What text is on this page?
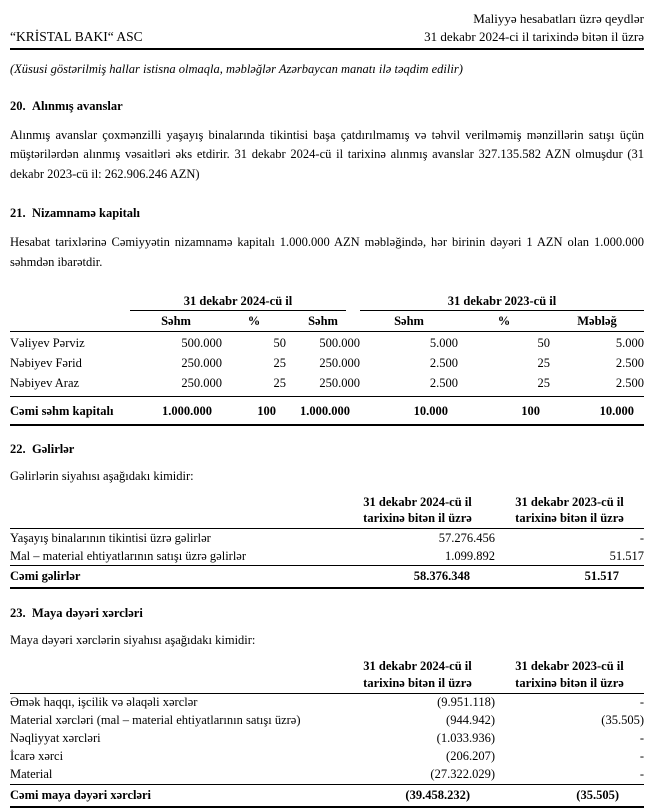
“KRİSTAL BAKI“ ASC
Maliyyə hesabatları üzrə qeydlər
31 dekabr 2024-ci il tarixində bitən il üzrə
(Xüsusi göstərilmiş hallar istisna olmaqla, məbləğlər Azərbaycan manatı ilə təqdim edilir)
20. Alınmış avanslar
Alınmış avanslar çoxmənzilli yaşayış binalarında tikintisi başa çatdırılmamış və təhvil verilməmiş mənzillərin satışı üçün müştərilərdən alınmış vəsaitləri əks etdirir. 31 dekabr 2024-cü il tarixinə alınmış avanslar 327.135.582 AZN olmuşdur (31 dekabr 2023-cü il: 262.906.246 AZN)
21. Nizamnamə kapitalı
Hesabat tarixlərinə Cəmiyyətin nizamnamə kapitalı 1.000.000 AZN məbləğində, hər birinin dəyəri 1 AZN olan 1.000.000 səhmdən ibarətdir.

	31 dekabr 2024-cü il			31 dekabr 2023-cü il		

	Səhm	%	Səhm	Səhm	%	Məbləğ
Vəliyev Pərviz	500.000	50	500.000	5.000	50	5.000
Nəbiyev Fərid	250.000	25	250.000	2.500	25	2.500
Nəbiyev Araz	250.000	25	250.000	2.500	25	2.500
Cəmi səhm kapitalı	1.000.000	100	1.000.000	10.000	100	10.000
22. Gəlirlər
Gəlirlərin siyahısı aşağıdakı kimidir:

31 dekabr 2024-cü il
tarixinə bitən il üzrə

31 dekabr 2023-cü il
tarixinə bitən il üzrə

Yaşayış binalarının tikintisi üzrə gəlirlər	57.276.456	-
Mal – material ehtiyatlarının satışı üzrə gəlirlər	1.099.892	51.517
Cəmi gəlirlər	58.376.348	51.517
23. Maya dəyəri xərcləri
Maya dəyəri xərclərin siyahısı aşağıdakı kimidir:

31 dekabr 2024-cü il
tarixinə bitən il üzrə

31 dekabr 2023-cü il
tarixinə bitən il üzrə

Əmək haqqı, işcilik və əlaqəli xərclər	(9.951.118)	-
Material xərcləri (mal – material ehtiyatlarının satışı üzrə)	(944.942)	(35.505)
Nəqliyyat xərcləri	(1.033.936)	-
İcarə xərci	(206.207)	-
Material	(27.322.029)	-
Cəmi maya dəyəri xərcləri	(39.458.232)	(35.505)
